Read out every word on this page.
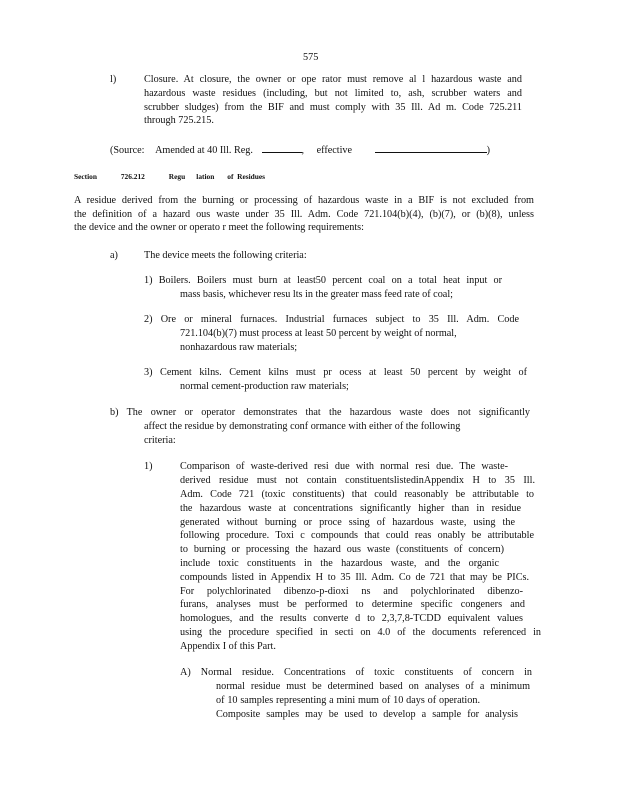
575
l)	Closure. At closure, the owner or ope rator must remove al l hazardous waste and
hazardous waste residues (including, but not limited to, ash, scrubber waters and
scrubber sludges) from the BIF and must comply with 35 Ill. Ad m. Code 725.211
through 725.215.
(Source: Amended at 40 Ill. Reg.	, effective	)
Section	726.212	Regu      lation       of  Residues
A residue derived from the burning or processing of hazardous waste in a BIF is not excluded from
the definition of a hazard ous waste under 35 Ill. Adm. Code 721.104(b)(4), (b)(7), or (b)(8), unless
the device and the owner or operato r meet the following requirements:
a)	The device meets the following criteria:
1) Boilers. Boilers must burn at least50 percent coal on a total heat input or
mass basis, whichever resu lts in the greater mass feed rate of coal;
2) Ore or mineral furnaces. Industrial furnaces subject to 35 Ill. Adm. Code
721.104(b)(7) must process at least 50 percent by weight of normal,
nonhazardous raw materials;
3) Cement kilns. Cement kilns must pr ocess at least 50 percent by weight of
normal cement-production raw materials;
b) The owner or operator demonstrates that the hazardous waste does not significantly
affect the residue by demonstrating conf ormance with either of the following
criteria:
1)	Comparison of waste-derived resi due with normal resi due. The waste-
derived residue must not contain constituentslistedinAppendix H to 35 Ill.
Adm. Code 721 (toxic constituents) that could reasonably be attributable to
the hazardous waste at concentrations significantly higher than in residue
generated without burning or proce ssing of hazardous waste, using the
following procedure. Toxi c compounds that could reas onably be attributable
to burning or processing the hazard ous waste (constituents of concern)
include toxic constituents in the hazardous waste, and the organic
compounds listed in Appendix H to 35 Ill. Adm. Co de 721 that may be PICs.
For polychlorinated dibenzo-p-dioxi ns and polychlorinated dibenzo-
furans, analyses must be performed to determine specific congeners and
homologues, and the results converte d to 2,3,7,8-TCDD equivalent values
using the procedure specified in secti on 4.0 of the documents referenced in
Appendix I of this Part.
A) Normal residue. Concentrations of toxic constituents of concern in
normal residue must be determined based on analyses of a minimum
of 10 samples representing a mini mum of 10 days of operation.
Composite samples may be used to develop a sample for analysis
